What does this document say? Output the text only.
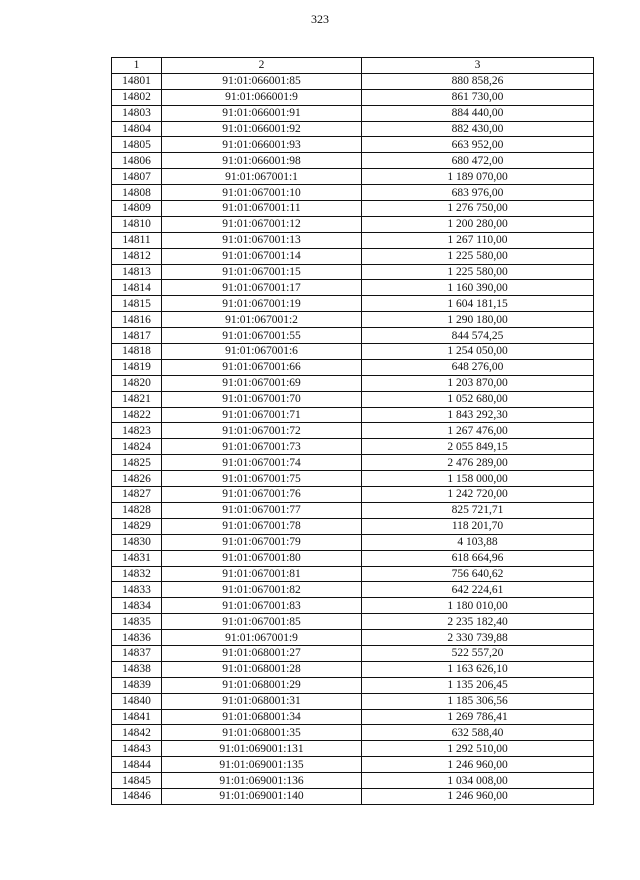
323
1	2	3
14801	91:01:066001:85	880 858,26
14802	91:01:066001:9	861 730,00
14803	91:01:066001:91	884 440,00
14804	91:01:066001:92	882 430,00
14805	91:01:066001:93	663 952,00
14806	91:01:066001:98	680 472,00
14807	91:01:067001:1	1 189 070,00
14808	91:01:067001:10	683 976,00
14809	91:01:067001:11	1 276 750,00
14810	91:01:067001:12	1 200 280,00
14811	91:01:067001:13	1 267 110,00
14812	91:01:067001:14	1 225 580,00
14813	91:01:067001:15	1 225 580,00
14814	91:01:067001:17	1 160 390,00
14815	91:01:067001:19	1 604 181,15
14816	91:01:067001:2	1 290 180,00
14817	91:01:067001:55	844 574,25
14818	91:01:067001:6	1 254 050,00
14819	91:01:067001:66	648 276,00
14820	91:01:067001:69	1 203 870,00
14821	91:01:067001:70	1 052 680,00
14822	91:01:067001:71	1 843 292,30
14823	91:01:067001:72	1 267 476,00
14824	91:01:067001:73	2 055 849,15
14825	91:01:067001:74	2 476 289,00
14826	91:01:067001:75	1 158 000,00
14827	91:01:067001:76	1 242 720,00
14828	91:01:067001:77	825 721,71
14829	91:01:067001:78	118 201,70
14830	91:01:067001:79	4 103,88
14831	91:01:067001:80	618 664,96
14832	91:01:067001:81	756 640,62
14833	91:01:067001:82	642 224,61
14834	91:01:067001:83	1 180 010,00
14835	91:01:067001:85	2 235 182,40
14836	91:01:067001:9	2 330 739,88
14837	91:01:068001:27	522 557,20
14838	91:01:068001:28	1 163 626,10
14839	91:01:068001:29	1 135 206,45
14840	91:01:068001:31	1 185 306,56
14841	91:01:068001:34	1 269 786,41
14842	91:01:068001:35	632 588,40
14843	91:01:069001:131	1 292 510,00
14844	91:01:069001:135	1 246 960,00
14845	91:01:069001:136	1 034 008,00
14846	91:01:069001:140	1 246 960,00
